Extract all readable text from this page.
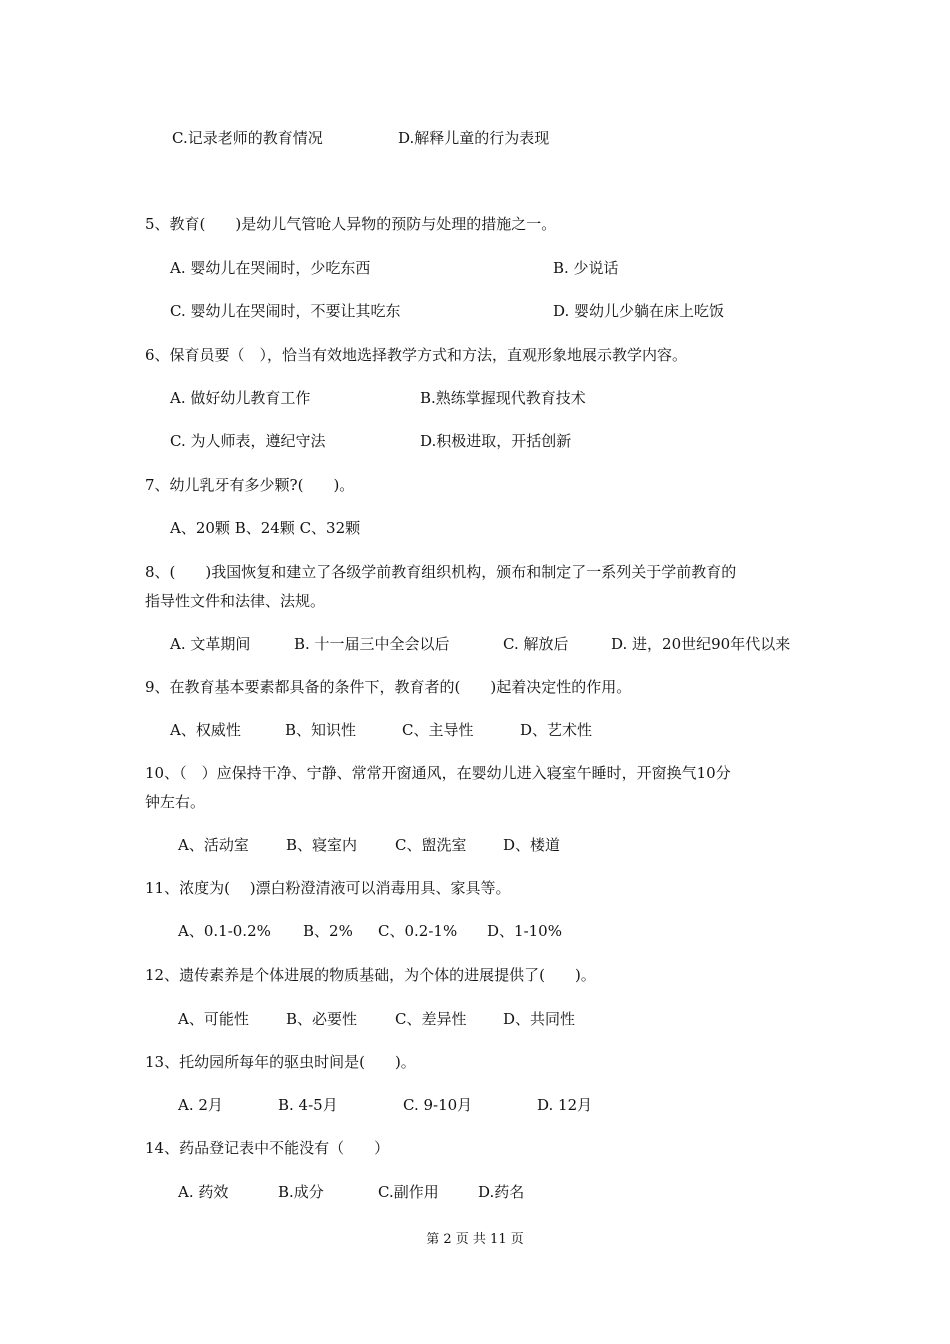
C.记录老师的教育情况	D.解释儿童的行为表现
5、教育(　　)是幼儿气管呛人异物的预防与处理的措施之一。
A. 婴幼儿在哭闹时，少吃东西	B. 少说话
C. 婴幼儿在哭闹时，不要让其吃东	D. 婴幼儿少躺在床上吃饭
6、保育员要（　），恰当有效地选择教学方式和方法，直观形象地展示教学内容。
A. 做好幼儿教育工作	B.熟练掌握现代教育技术
C. 为人师表，遵纪守法	D.积极进取，开括创新
7、幼儿乳牙有多少颗?(　　)。
A、20颗 B、24颗 C、32颗
8、(　　)我国恢复和建立了各级学前教育组织机构，颁布和制定了一系列关于学前教育的
指导性文件和法律、法规。
A. 文革期间	B. 十一届三中全会以后	C. 解放后	D. 进，20世纪90年代以来
9、在教育基本要素都具备的条件下，教育者的(　　)起着决定性的作用。
A、权威性	B、知识性	C、主导性	D、艺术性
10、（　）应保持干净、宁静、常常开窗通风，在婴幼儿进入寝室午睡时，开窗换气10分
钟左右。
A、活动室 B、寝室内	C、盥洗室 D、楼道
11、浓度为(　 )漂白粉澄清液可以消毒用具、家具等。
A、0.1-0.2% B、2% C、0.2-1% D、1-10%
12、遗传素养是个体进展的物质基础，为个体的进展提供了(　　)。
A、可能性 B、必要性	C、差异性 D、共同性
13、托幼园所每年的驱虫时间是(　　)。
A. 2月	B. 4-5月	C. 9-10月	D. 12月
14、药品登记表中不能没有（　　）
A. 药效	B.成分	C.副作用	D.药名
第 2 页 共 11 页
